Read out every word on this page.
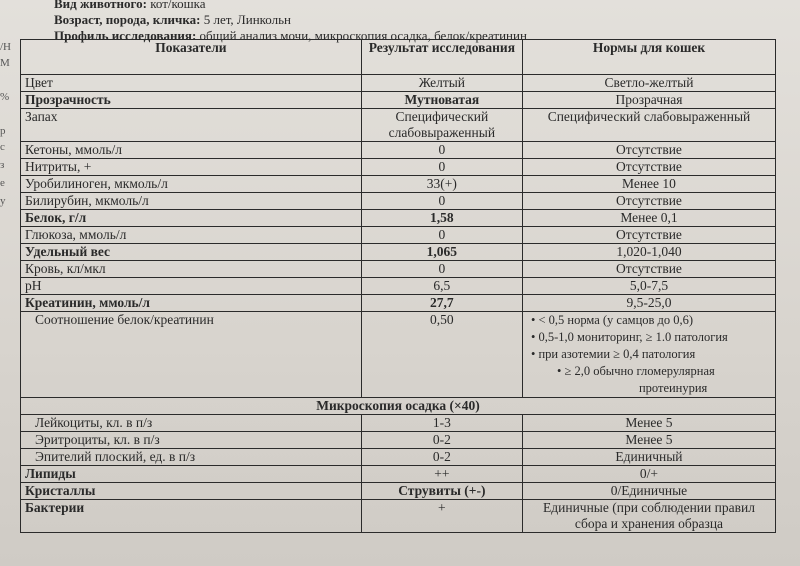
Вид животного: кот/кошка
Возраст, порода, кличка: 5 лет, Линкольн
Профиль исследования: общий анализ мочи, микроскопия осадка, белок/креатинин
/Н
М
%
р
с
з
е
у
Показатели	Результат исследования	Нормы для кошек
Цвет	Желтый	Светло-желтый
Прозрачность	Мутноватая	Прозрачная
Запах	Специфический слабовыраженный	Специфический слабовыраженный
Кетоны, ммоль/л	0	Отсутствие
Нитриты, +	0	Отсутствие
Уробилиноген, мкмоль/л	33(+)	Менее 10
Билирубин, мкмоль/л	0	Отсутствие
Белок, г/л	1,58	Менее 0,1
Глюкоза, ммоль/л	0	Отсутствие
Удельный вес	1,065	1,020-1,040
Кровь, кл/мкл	0	Отсутствие
pH	6,5	5,0-7,5
Креатинин, ммоль/л	27,7	9,5-25,0
Соотношение белок/креатинин	0,50	• < 0,5 норма (у самцов до 0,6)
• 0,5-1,0 мониторинг, ≥ 1.0 патология
• при азотемии ≥ 0,4 патология
• ≥ 2,0 обычно гломерулярная
протеинурия

Микроскопия осадка (×40)		
Лейкоциты, кл. в п/з	1-3	Менее 5
Эритроциты, кл. в п/з	0-2	Менее 5
Эпителий плоский, ед. в п/з	0-2	Единичный
Липиды	++	0/+
Кристаллы	Струвиты (+-)	0/Единичные
Бактерии	+	Единичные (при соблюдении правил сбора и хранения образца
